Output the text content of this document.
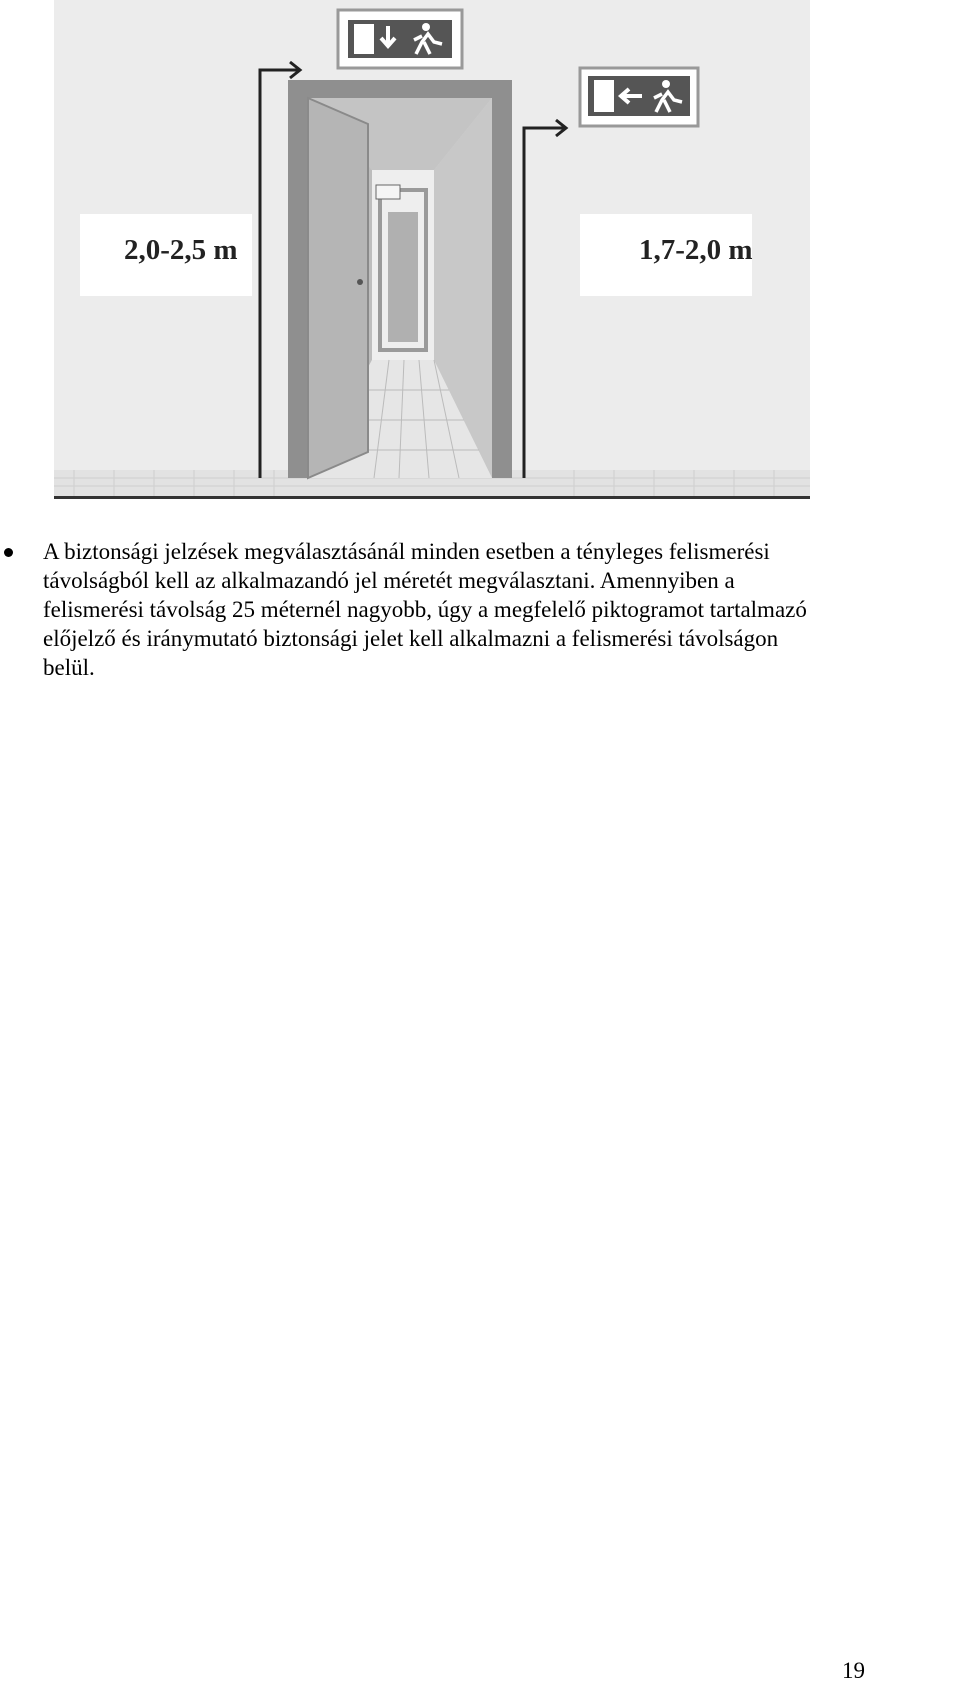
2,0-2,5 m	1,7-2,0 m
A biztonsági jelzések megválasztásánál minden esetben a tényleges felismerési
távolságból kell az alkalmazandó jel méretét megválasztani. Amennyiben a
felismerési távolság 25 méternél nagyobb, úgy a megfelelő piktogramot tartalmazó
előjelző és iránymutató biztonsági jelet kell alkalmazni a felismerési távolságon
belül.
19
